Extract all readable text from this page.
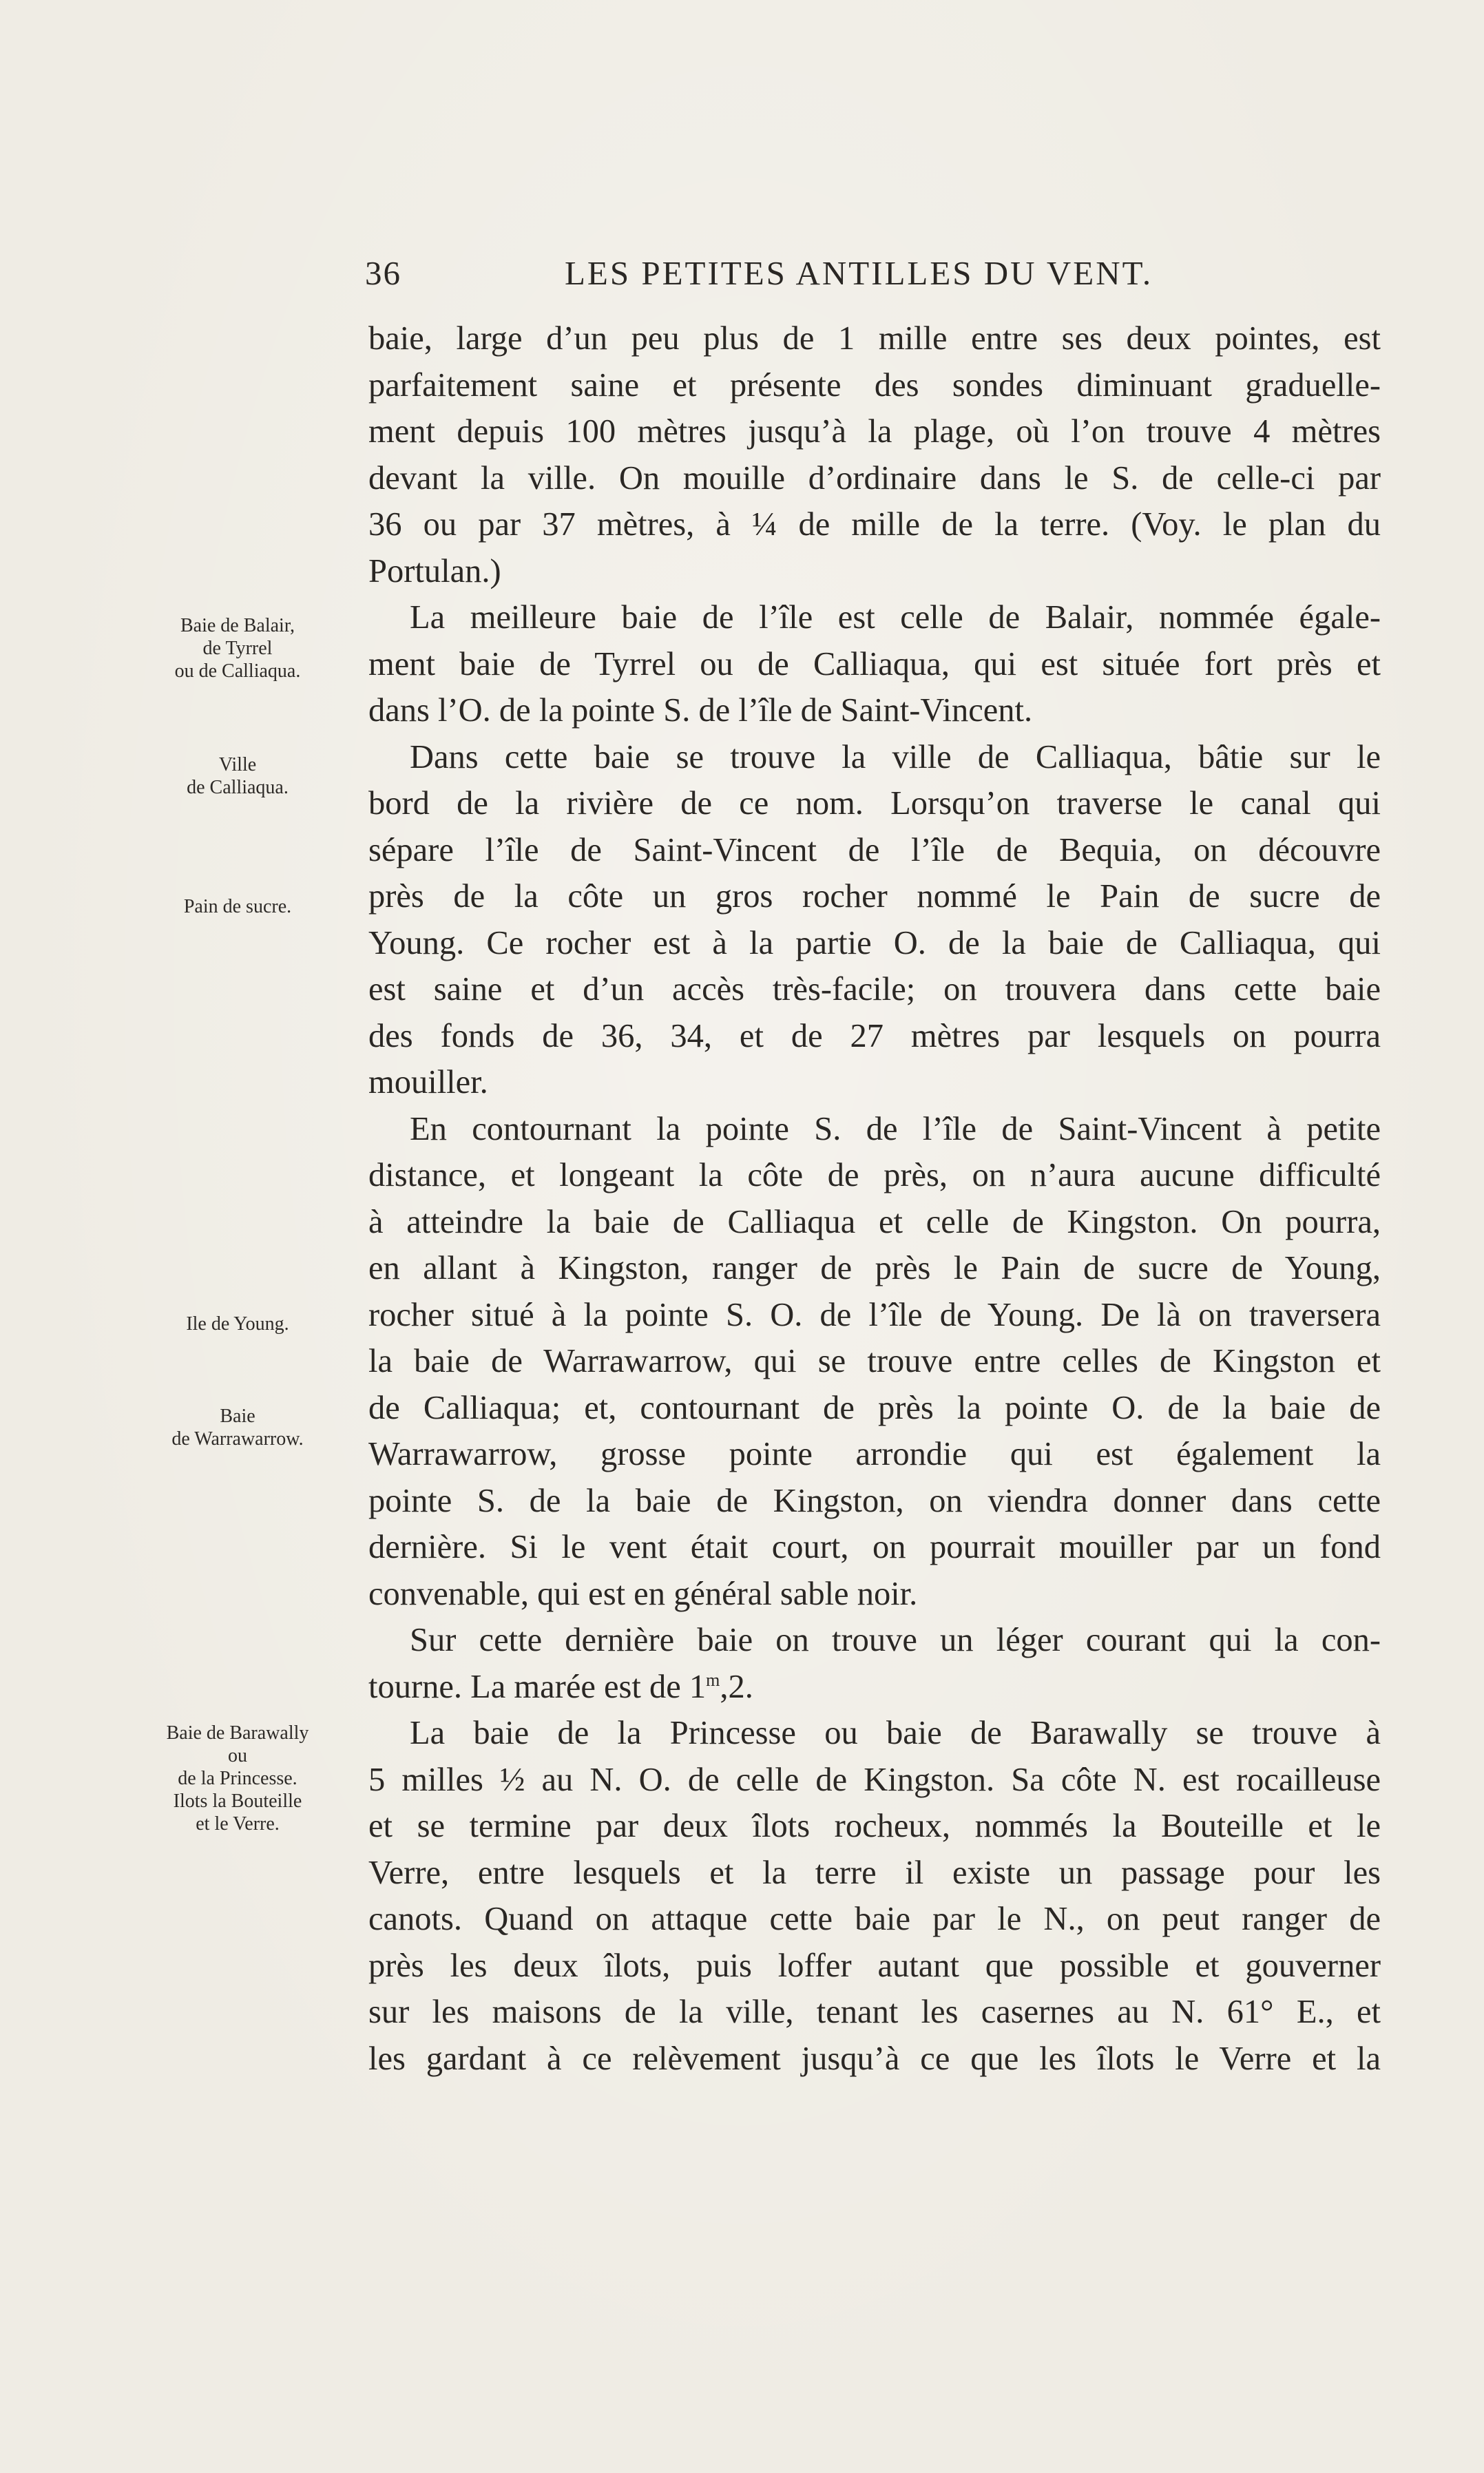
36	LES PETITES ANTILLES DU VENT.
Baie de Balair,
de Tyrrel
ou de Calliaqua.
Ville
de Calliaqua.
Pain de sucre.
Ile de Young.
Baie
de Warrawarrow.
Baie de Barawally
ou
de la Princesse.
Ilots la Bouteille
et le Verre.
baie, large d’un peu plus de 1 mille entre ses deux pointes, est
parfaitement saine et présente des sondes diminuant graduelle-
ment depuis 100 mètres jusqu’à la plage, où l’on trouve 4 mètres
devant la ville. On mouille d’ordinaire dans le S. de celle-ci par
36 ou par 37 mètres, à ¼ de mille de la terre. (Voy. le plan du
Portulan.)
La meilleure baie de l’île est celle de Balair, nommée égale-
ment baie de Tyrrel ou de Calliaqua, qui est située fort près et
dans l’O. de la pointe S. de l’île de Saint-Vincent.
Dans cette baie se trouve la ville de Calliaqua, bâtie sur le
bord de la rivière de ce nom. Lorsqu’on traverse le canal qui
sépare l’île de Saint-Vincent de l’île de Bequia, on découvre
près de la côte un gros rocher nommé le Pain de sucre de
Young. Ce rocher est à la partie O. de la baie de Calliaqua, qui
est saine et d’un accès très-facile; on trouvera dans cette baie
des fonds de 36, 34, et de 27 mètres par lesquels on pourra
mouiller.
En contournant la pointe S. de l’île de Saint-Vincent à petite
distance, et longeant la côte de près, on n’aura aucune difficulté
à atteindre la baie de Calliaqua et celle de Kingston. On pourra,
en allant à Kingston, ranger de près le Pain de sucre de Young,
rocher situé à la pointe S. O. de l’île de Young. De là on traversera
la baie de Warrawarrow, qui se trouve entre celles de Kingston et
de Calliaqua; et, contournant de près la pointe O. de la baie de
Warrawarrow, grosse pointe arrondie qui est également la
pointe S. de la baie de Kingston, on viendra donner dans cette
dernière. Si le vent était court, on pourrait mouiller par un fond
convenable, qui est en général sable noir.
Sur cette dernière baie on trouve un léger courant qui la con-
tourne. La marée est de 1$^m$,2.
La baie de la Princesse ou baie de Barawally se trouve à
5 milles ½ au N. O. de celle de Kingston. Sa côte N. est rocailleuse
et se termine par deux îlots rocheux, nommés la Bouteille et le
Verre, entre lesquels et la terre il existe un passage pour les
canots. Quand on attaque cette baie par le N., on peut ranger de
près les deux îlots, puis loffer autant que possible et gouverner
sur les maisons de la ville, tenant les casernes au N. 61° E., et
les gardant à ce relèvement jusqu’à ce que les îlots le Verre et la
